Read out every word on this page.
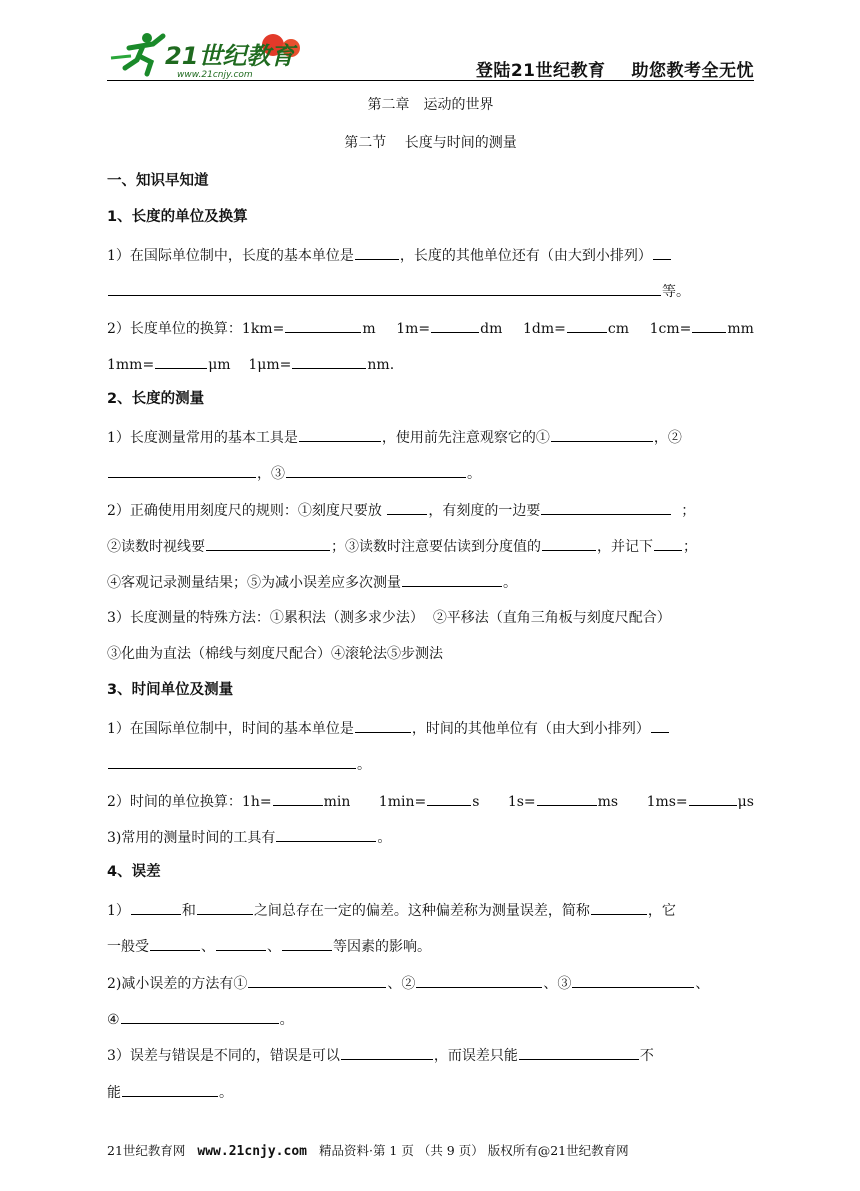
21世纪教育
www.21cnjy.com	登陆21世纪教育 助您教考全无忧
第二章　运动的世界
第二节　 长度与时间的测量
一、知识早知道
1、长度的单位及换算
1）在国际单位制中，长度的基本单位是	，长度的其他单位还有（由大到小排列）
等。
2）长度单位的换算：1km=	m 1m=	dm 1dm=	cm 1cm=	mm
1mm=	μm 1μm=	nm.
2、长度的测量
1）长度测量常用的基本工具是	，使用前先注意观察它的①	，②
，③	。
2）正确使用用刻度尺的规则：①刻度尺要放	，有刻度的一边要	；
②读数时视线要	；③读数时注意要估读到分度值的	，并记下 ；
④客观记录测量结果；⑤为减小误差应多次测量	。
3）长度测量的特殊方法：①累积法（测多求少法） ②平移法（直角三角板与刻度尺配合）
③化曲为直法（棉线与刻度尺配合）④滚轮法⑤步测法
3、时间单位及测量
1）在国际单位制中，时间的基本单位是	，时间的其他单位有（由大到小排列）
。
2）时间的单位换算：1h=	min 1min=	s 1s=	ms 1ms=	μs
3)常用的测量时间的工具有	。
4、误差
1）	和	之间总存在一定的偏差。这种偏差称为测量误差，简称	，它
一般受	、	、	等因素的影响。
2)减小误差的方法有①	、②	、③	、
④	。
3）误差与错误是不同的，错误是可以	，而误差只能	不
能	。
21世纪教育网 www.21cnjy.com 精品资料·第 1 页 （共 9 页） 版权所有@21世纪教育网
